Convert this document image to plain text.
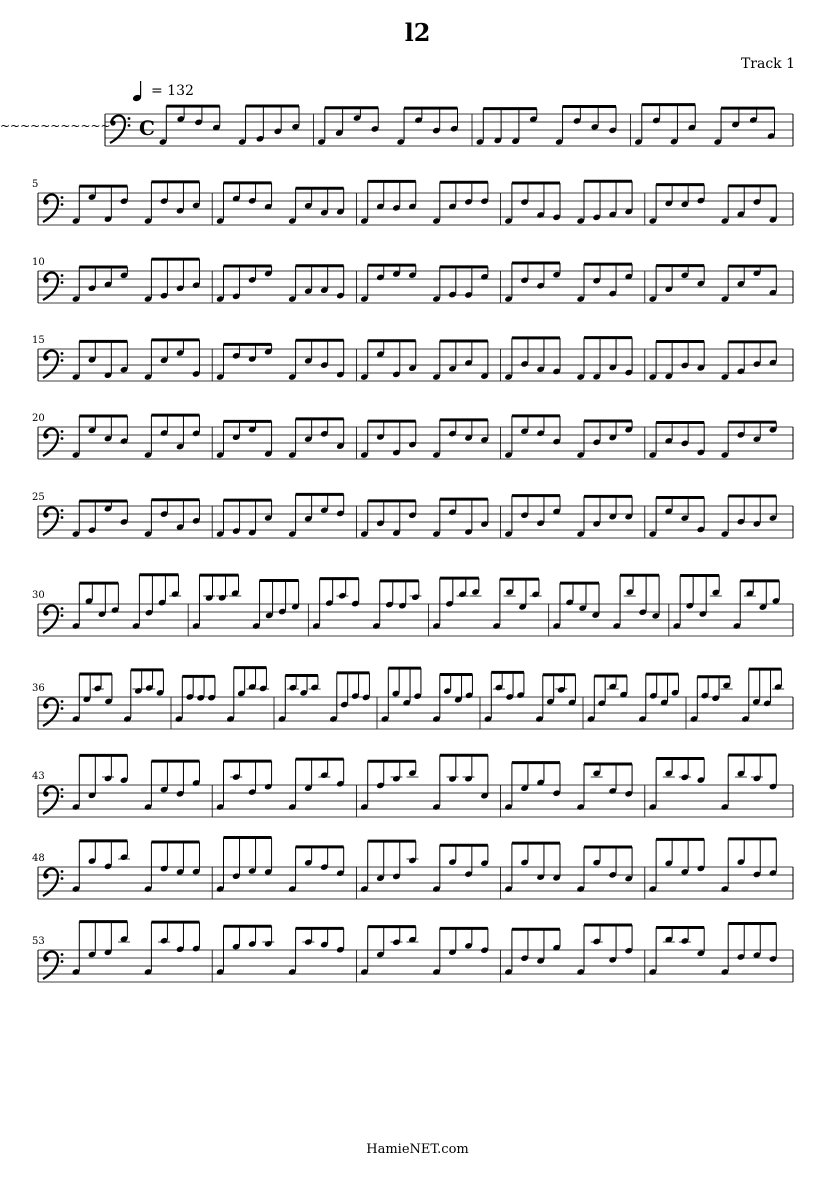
l2
Track 1
= 132
C
~~~~~~~~~~~
5
10
15
20
25
30
36
43
48
53
HamieNET.com
